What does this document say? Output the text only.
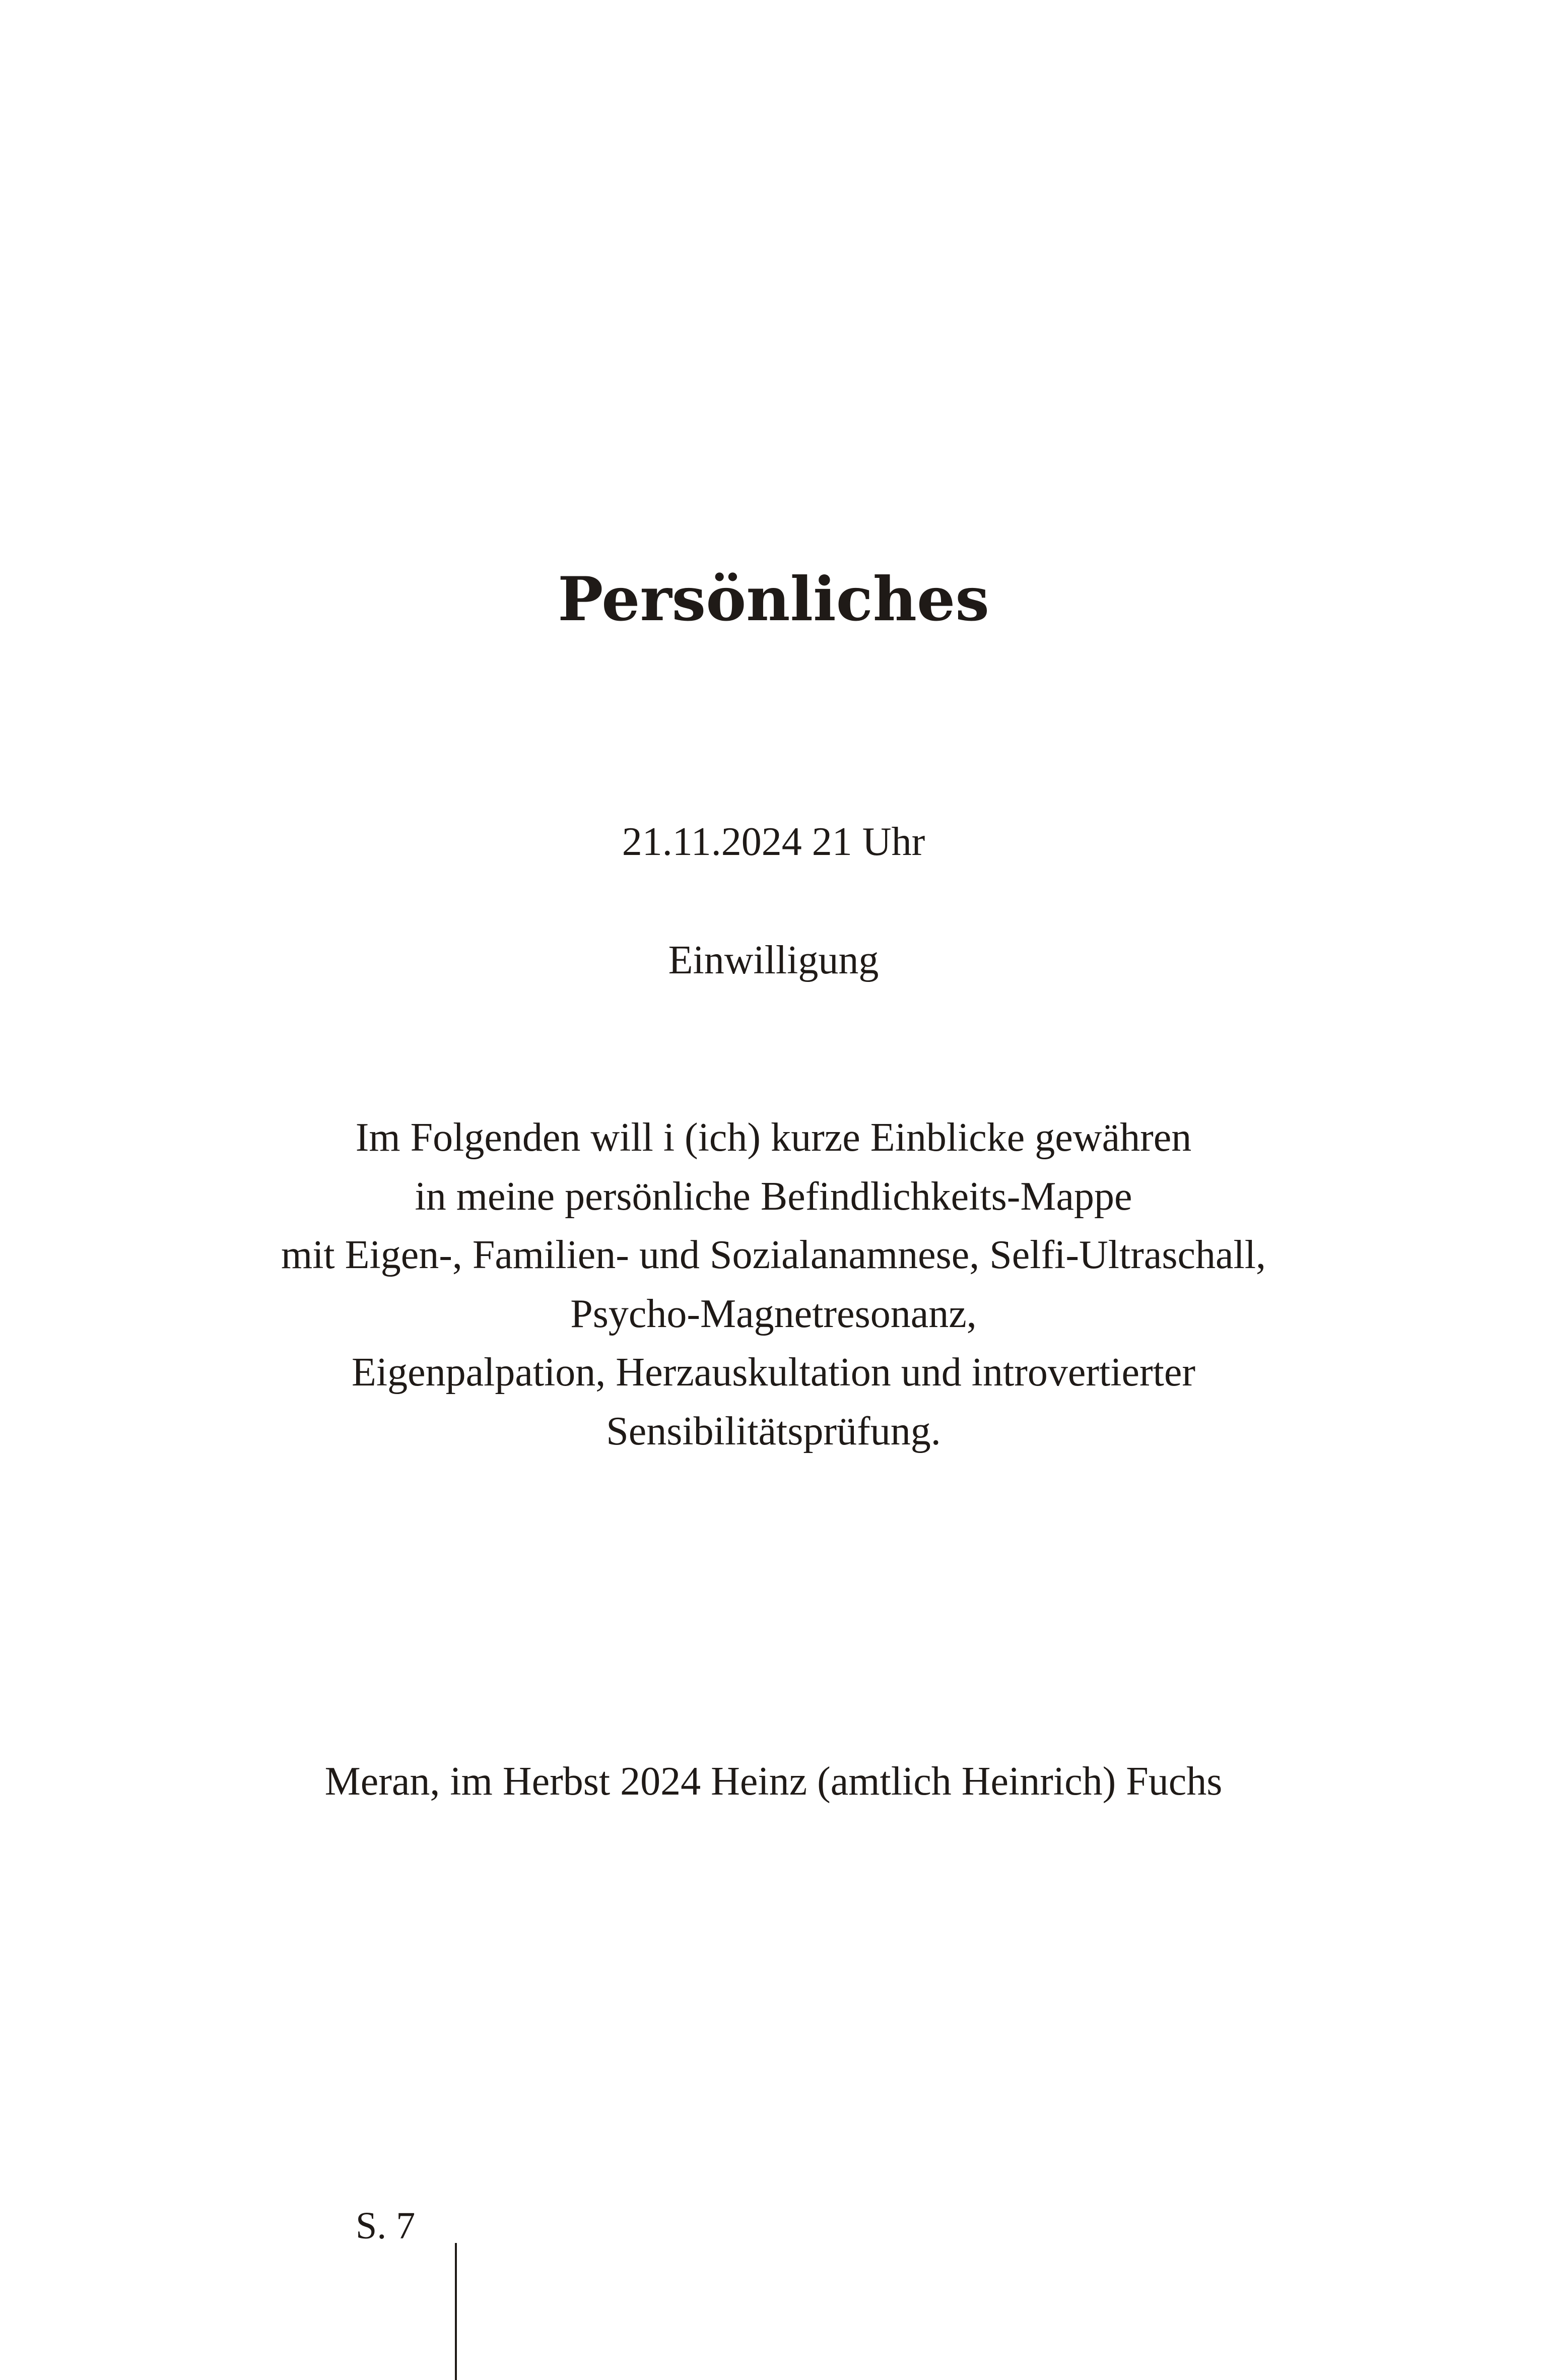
Persönliches
21.11.2024 21 Uhr
Einwilligung
Im Folgenden will i (ich) kurze Einblicke gewähren
in meine persönliche Befindlichkeits-Mappe
mit Eigen-, Familien- und Sozialanamnese, Selfi-Ultraschall,
Psycho-Magnetresonanz,
Eigenpalpation, Herzauskultation und introvertierter
Sensibilitätsprüfung.
Meran, im Herbst 2024 Heinz (amtlich Heinrich) Fuchs
S. 7
